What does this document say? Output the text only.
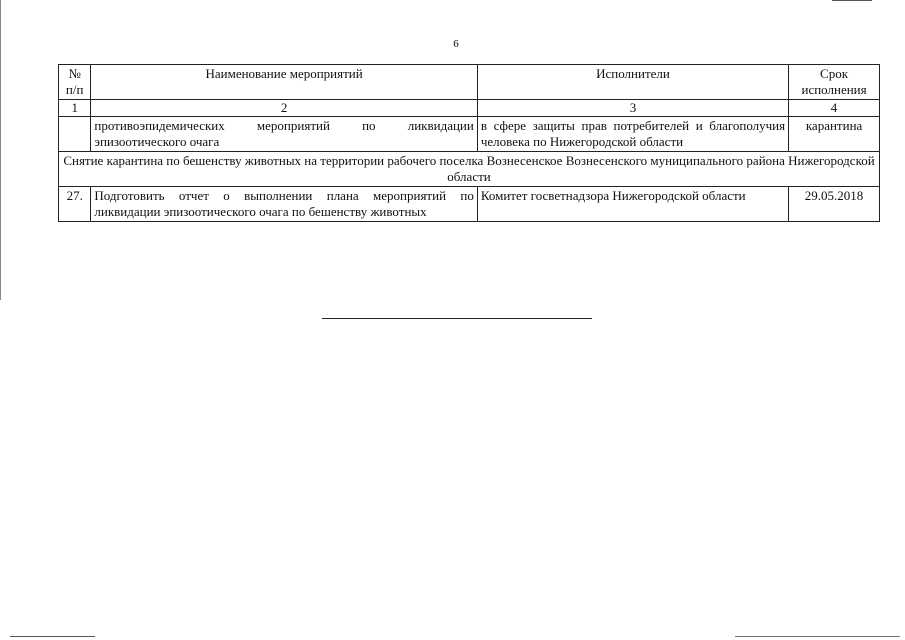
6
№ п/п	Наименование мероприятий	Исполнители	Срок исполнения
1	2	3	4
	противоэпидемических мероприятий по ликвидации эпизоотического очага	в сфере защиты прав потребителей и благополучия человека по Нижегородской области	карантина
Снятие карантина по бешенству животных на территории рабочего поселка Вознесенское Вознесенского муниципального района Нижегородской области			
27.	Подготовить отчет о выполнении плана мероприятий по ликвидации эпизоотического очага по бешенству животных	Комитет госветнадзора Нижегородской области	29.05.2018
